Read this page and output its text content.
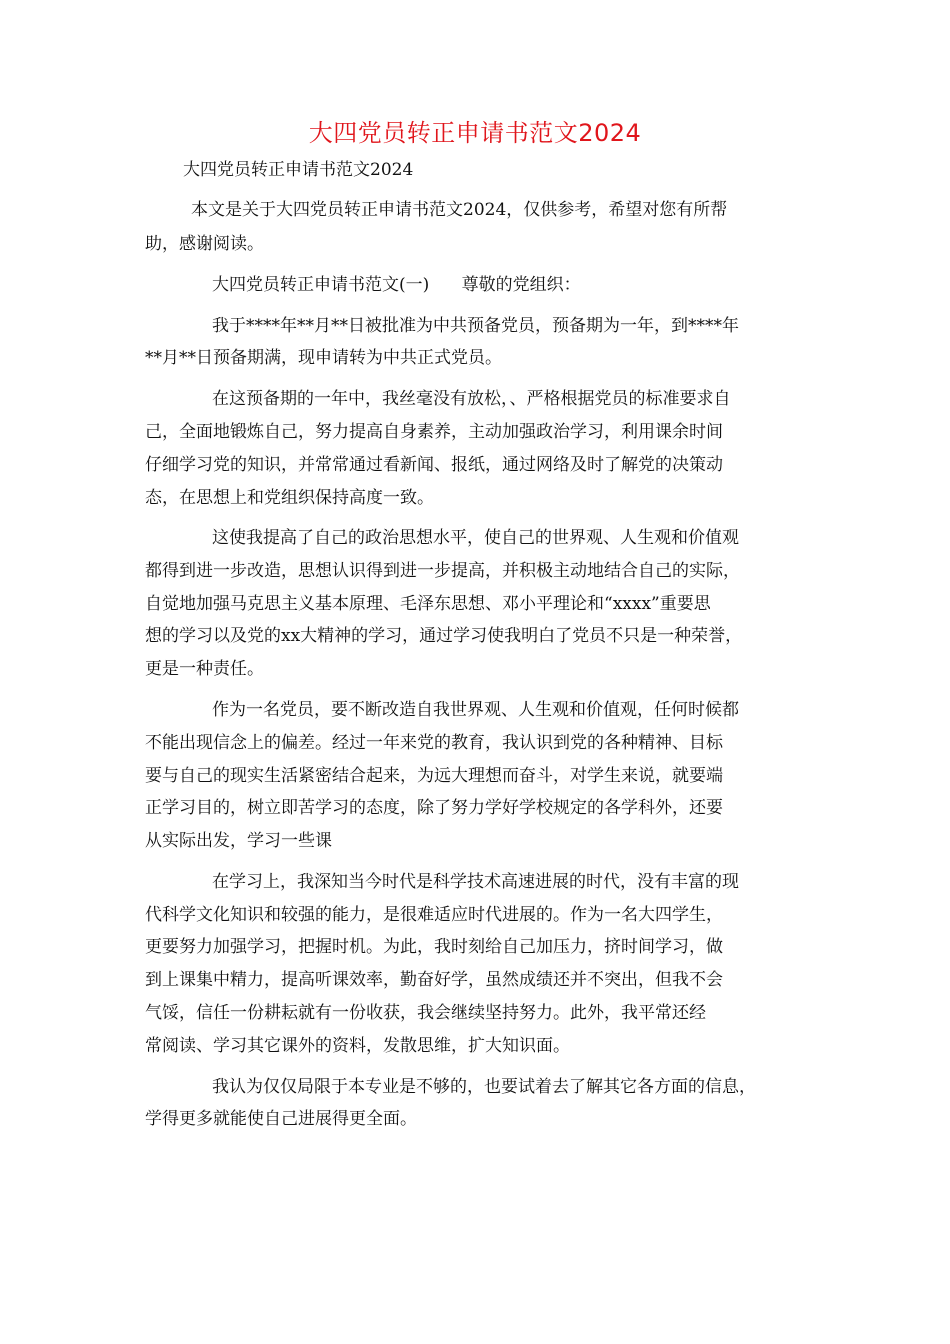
大四党员转正申请书范文2024
大四党员转正申请书范文2024
本文是关于大四党员转正申请书范文2024，仅供参考，希望对您有所帮
助，感谢阅读。
大四党员转正申请书范文(一)      尊敬的党组织：
我于****年**月**日被批准为中共预备党员，预备期为一年，到****年
**月**日预备期满，现申请转为中共正式党员。
在这预备期的一年中，我丝毫没有放松，、严格根据党员的标准要求自
己，全面地锻炼自己，努力提高自身素养，主动加强政治学习，利用课余时间
仔细学习党的知识，并常常通过看新闻、报纸，通过网络及时了解党的决策动
态，在思想上和党组织保持高度一致。
这使我提高了自己的政治思想水平，使自己的世界观、人生观和价值观
都得到进一步改造，思想认识得到进一步提高，并积极主动地结合自己的实际，
自觉地加强马克思主义基本原理、毛泽东思想、邓小平理论和“xxxx”重要思
想的学习以及党的xx大精神的学习，通过学习使我明白了党员不只是一种荣誉，
更是一种责任。
作为一名党员，要不断改造自我世界观、人生观和价值观，任何时候都
不能出现信念上的偏差。经过一年来党的教育，我认识到党的各种精神、目标
要与自己的现实生活紧密结合起来，为远大理想而奋斗，对学生来说，就要端
正学习目的，树立即苦学习的态度，除了努力学好学校规定的各学科外，还要
从实际出发，学习一些课
在学习上，我深知当今时代是科学技术高速进展的时代，没有丰富的现
代科学文化知识和较强的能力，是很难适应时代进展的。作为一名大四学生，
更要努力加强学习，把握时机。为此，我时刻给自己加压力，挤时间学习，做
到上课集中精力，提高听课效率，勤奋好学，虽然成绩还并不突出，但我不会
气馁，信任一份耕耘就有一份收获，我会继续坚持努力。此外，我平常还经
常阅读、学习其它课外的资料，发散思维，扩大知识面。
我认为仅仅局限于本专业是不够的，也要试着去了解其它各方面的信息，
学得更多就能使自己进展得更全面。
